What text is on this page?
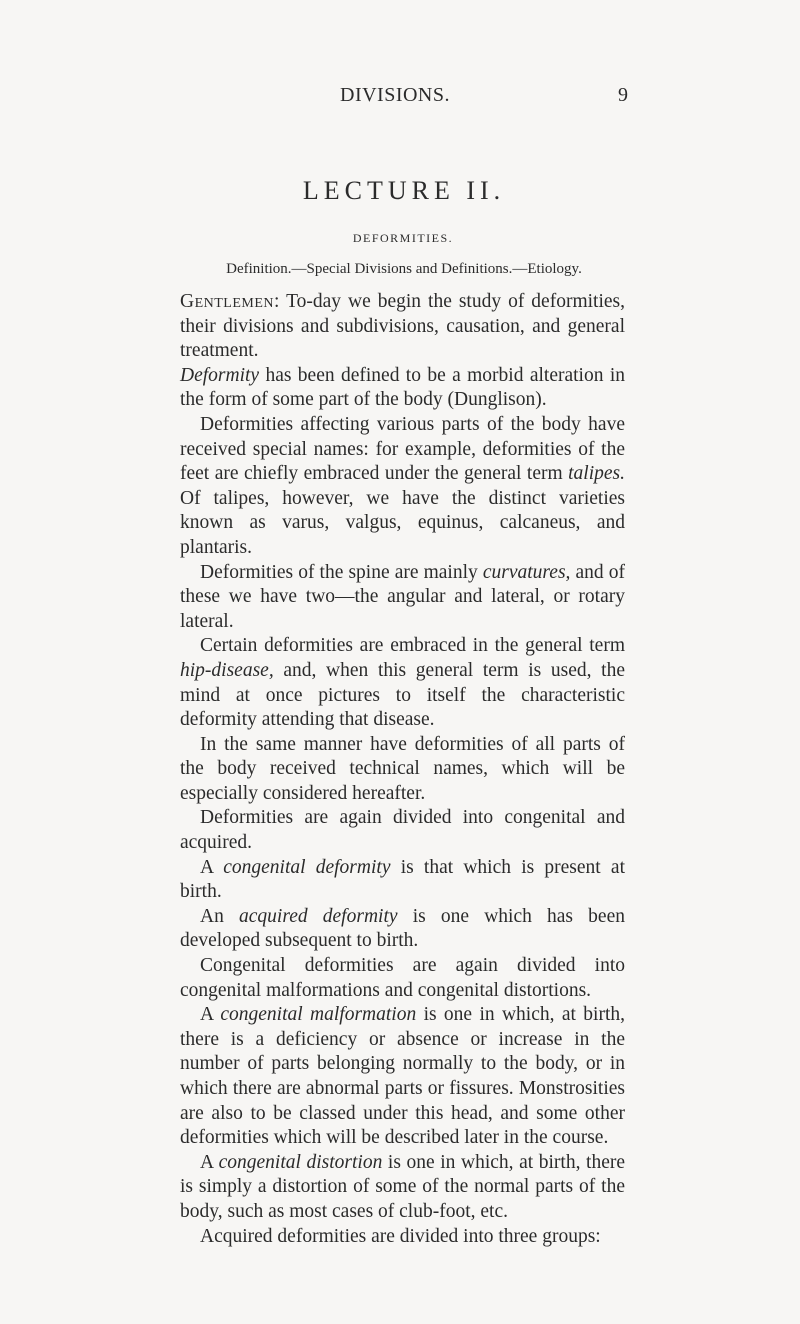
DIVISIONS.	9
LECTURE II.
DEFORMITIES.
Definition.—Special Divisions and Definitions.—Etiology.

Gentlemen: To-day we begin the study of deformities, their divisions and subdivisions, causation, and general treatment.

Deformity has been defined to be a morbid alteration in the form of some part of the body (Dunglison).

Deformities affecting various parts of the body have received special names: for example, deformities of the feet are chiefly embraced under the general term talipes. Of talipes, however, we have the distinct varieties known as varus, valgus, equinus, calcaneus, and plantaris.

Deformities of the spine are mainly curvatures, and of these we have two—the angular and lateral, or rotary lateral.

Certain deformities are embraced in the general term hip-disease, and, when this general term is used, the mind at once pictures to itself the characteristic deformity attending that disease.

In the same manner have deformities of all parts of the body received technical names, which will be especially considered hereafter.

Deformities are again divided into congenital and acquired.

A congenital deformity is that which is present at birth.

An acquired deformity is one which has been developed subsequent to birth.

Congenital deformities are again divided into congenital malformations and congenital distortions.

A congenital malformation is one in which, at birth, there is a deficiency or absence or increase in the number of parts belonging normally to the body, or in which there are abnormal parts or fissures. Monstrosities are also to be classed under this head, and some other deformities which will be described later in the course.

A congenital distortion is one in which, at birth, there is simply a distortion of some of the normal parts of the body, such as most cases of club-foot, etc.

Acquired deformities are divided into three groups:
